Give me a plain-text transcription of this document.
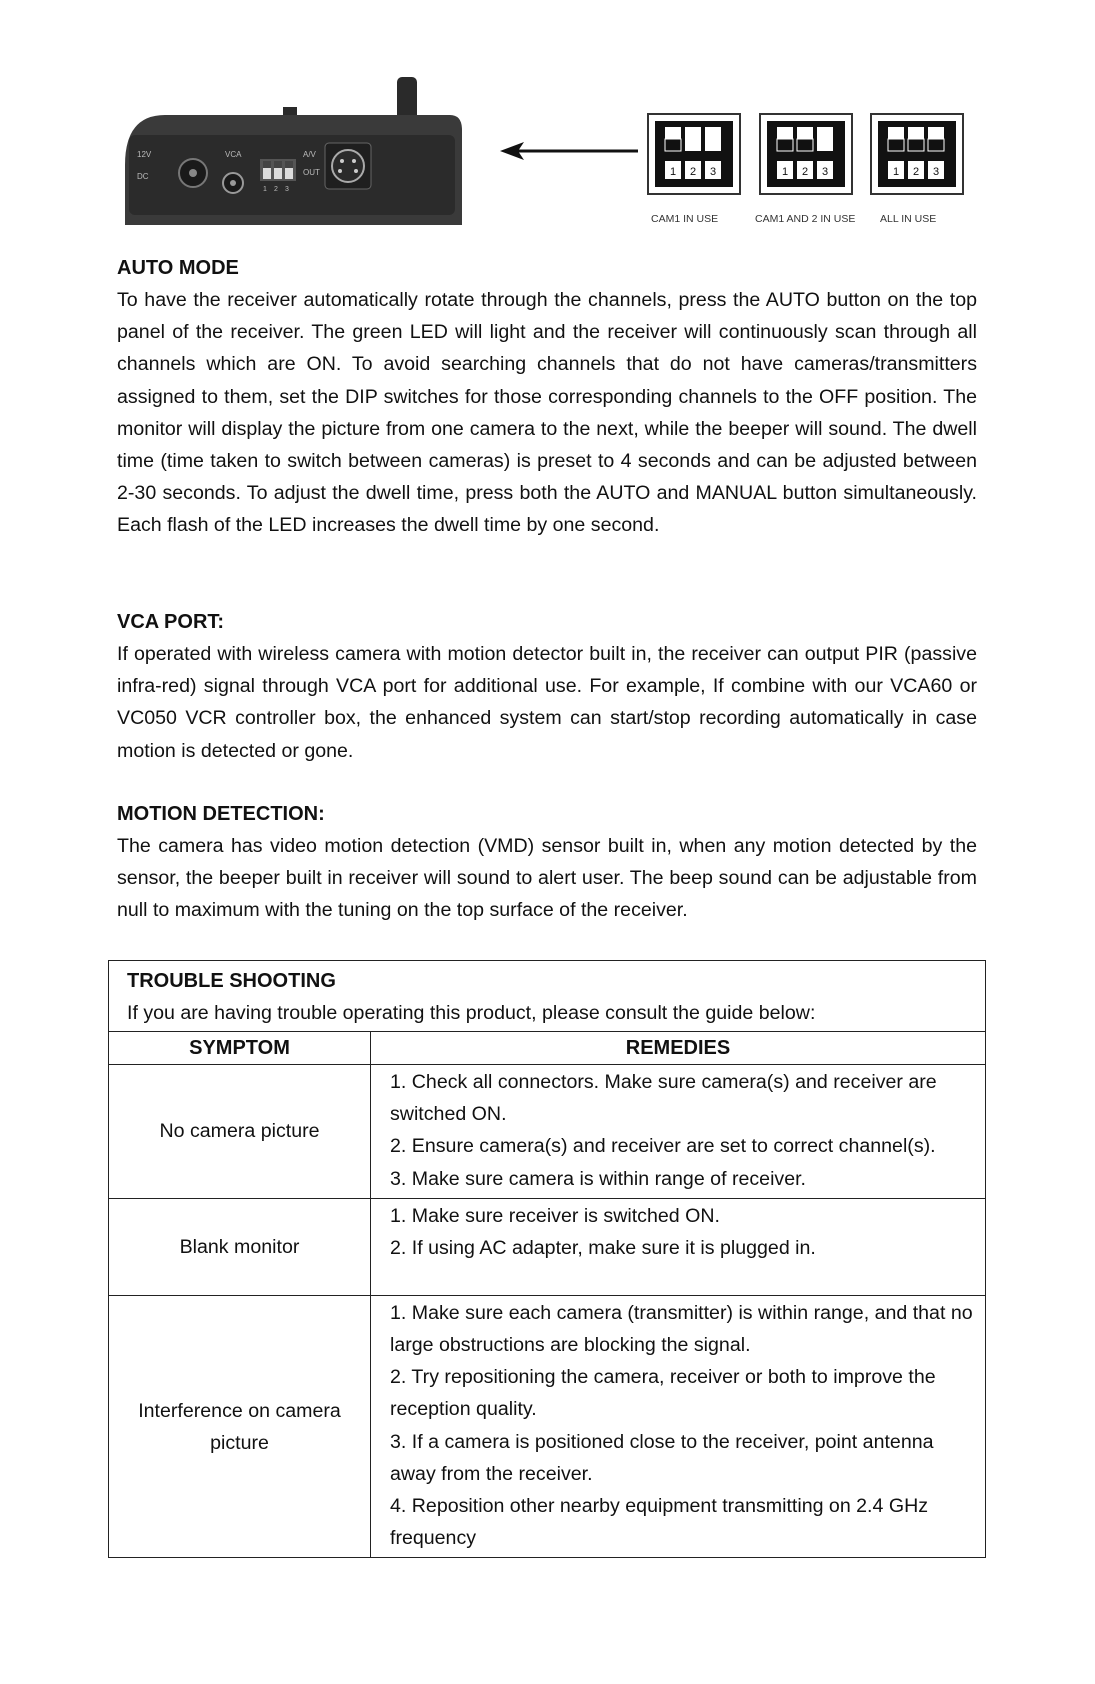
12V
DC
VCA
1 2 3
A/V
OUT	1 2 3
CAM1 IN USE
1 2 3
CAM1 AND 2 IN USE
1 2 3
ALL IN USE
AUTO MODE

To have the receiver automatically rotate through the channels, press the AUTO button on the top panel of the receiver. The green LED will light and the receiver will continuously scan through all channels which are ON. To avoid searching channels that do not have cameras/transmitters assigned to them, set the DIP switches for those corresponding channels to the OFF position. The monitor will display the picture from one camera to the next, while the beeper will sound. The dwell time (time taken to switch between cameras) is preset to 4 seconds and can be adjusted between 2-30 seconds. To adjust the dwell time, press both the AUTO and MANUAL button simultaneously. Each flash of the LED increases the dwell time by one second.

VCA PORT:

If operated with wireless camera with motion detector built in, the receiver can output PIR (passive infra-red) signal through VCA port for additional use. For example, If combine with our VCA60 or VC050 VCR controller box, the enhanced system can start/stop recording automatically in case motion is detected or gone.

MOTION DETECTION:

The camera has video motion detection (VMD) sensor built in, when any motion detected by the sensor, the beeper built in receiver will sound to alert user. The beep sound can be adjustable from null to maximum with the tuning on the top surface of the receiver.

TROUBLE SHOOTING
If you are having trouble operating this product, please consult the guide below:	
SYMPTOM	REMEDIES
No camera picture	1. Check all connectors. Make sure camera(s) and receiver are switched ON.
2. Ensure camera(s) and receiver are set to correct channel(s).
3. Make sure camera is within range of receiver.

Blank monitor	1. Make sure receiver is switched ON.
2. If using AC adapter, make sure it is plugged in.

Interference on camera picture	1. Make sure each camera (transmitter) is within range, and that no large obstructions are blocking the signal.
2. Try repositioning the camera, receiver or both to improve the reception quality.
3. If a camera is positioned close to the receiver, point antenna away from the receiver.
4. Reposition other nearby equipment transmitting on 2.4 GHz frequency
